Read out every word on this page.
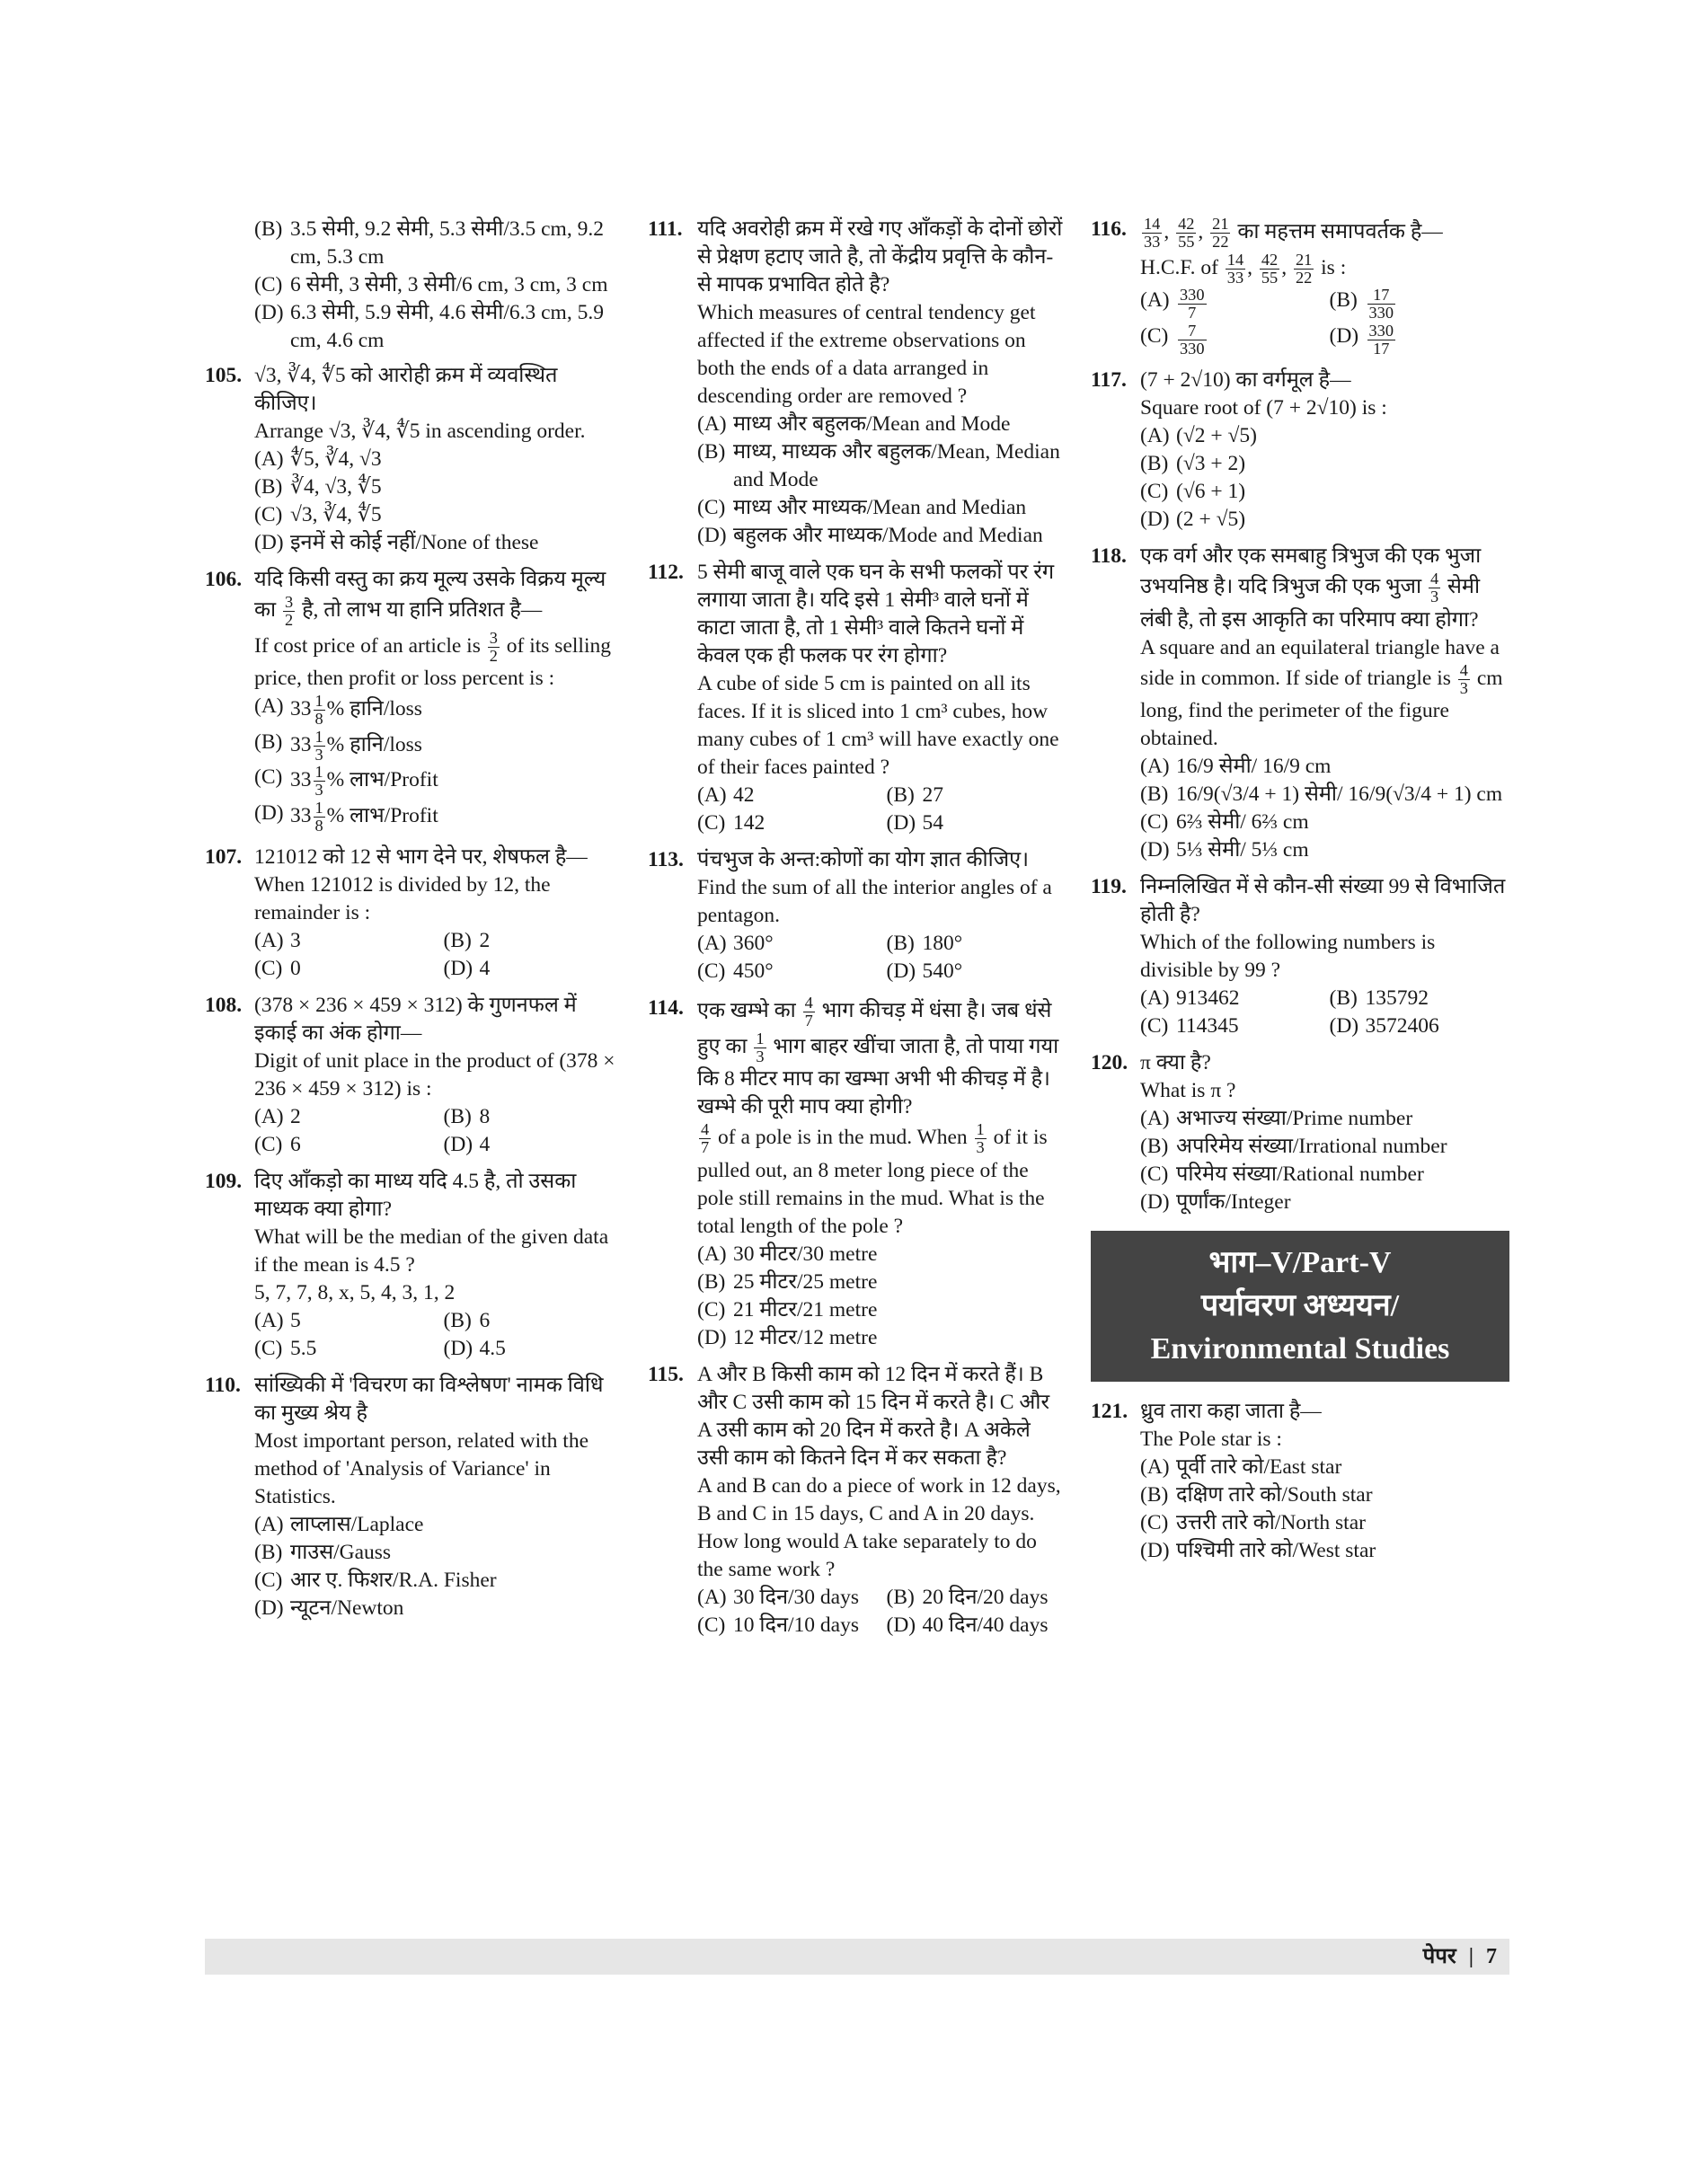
(B) 3.5 सेमी, 9.2 सेमी, 5.3 सेमी/3.5 cm, 9.2 cm, 5.3 cm
(C) 6 सेमी, 3 सेमी, 3 सेमी/6 cm, 3 cm, 3 cm
(D) 6.3 सेमी, 5.9 सेमी, 4.6 सेमी/6.3 cm, 5.9 cm, 4.6 cm
105. √3, ∛4, ∜5 को आरोही क्रम में व्यवस्थित कीजिए।
Arrange √3, ∛4, ∜5 in ascending order.
(A) ∜5, ∛4, √3
(B) ∛4, √3, ∜5
(C) √3, ∛4, ∜5
(D) इनमें से कोई नहीं/None of these
106. यदि किसी वस्तु का क्रय मूल्य उसके विक्रय मूल्य का $\frac{3}{2}$ है, तो लाभ या हानि प्रतिशत है—
If cost price of an article is $\frac{3}{2}$ of its selling price, then profit or loss percent is :
(A) $33 \frac{1}{8}$ % हानि/loss
(B) $33 \frac{1}{3}$ % हानि/loss
(C) $33 \frac{1}{3}$ % लाभ/Profit
(D) $33 \frac{1}{8}$ % लाभ/Profit
107. 121012 को 12 से भाग देने पर, शेषफल है—
When 121012 is divided by 12, the remainder is :
(A) 3	(B) 2
(C) 0	(D) 4
108. (378 × 236 × 459 × 312) के गुणनफल में इकाई का अंक होगा—
Digit of unit place in the product of (378 × 236 × 459 × 312) is :
(A) 2	(B) 8
(C) 6	(D) 4
109. दिए आँकड़ो का माध्य यदि 4.5 है, तो उसका माध्यक क्या होगा?
What will be the median of the given data if the mean is 4.5 ?
5, 7, 7, 8, x, 5, 4, 3, 1, 2
(A) 5	(B) 6
(C) 5.5	(D) 4.5
110. सांख्यिकी में 'विचरण का विश्लेषण' नामक विधि का मुख्य श्रेय है
Most important person, related with the method of 'Analysis of Variance' in Statistics.
(A) लाप्लास/Laplace
(B) गाउस/Gauss
(C) आर ए. फिशर/R.A. Fisher
(D) न्यूटन/Newton
111. यदि अवरोही क्रम में रखे गए आँकड़ों के दोनों छोरों से प्रेक्षण हटाए जाते है, तो केंद्रीय प्रवृत्ति के कौन-से मापक प्रभावित होते है?
Which measures of central tendency get affected if the extreme observations on both the ends of a data arranged in descending order are removed ?
(A) माध्य और बहुलक/Mean and Mode
(B) माध्य, माध्यक और बहुलक/Mean, Median and Mode
(C) माध्य और माध्यक/Mean and Median
(D) बहुलक और माध्यक/Mode and Median
112. 5 सेमी बाजू वाले एक घन के सभी फलकों पर रंग लगाया जाता है। यदि इसे 1 सेमी³ वाले घनों में काटा जाता है, तो 1 सेमी³ वाले कितने घनों में केवल एक ही फलक पर रंग होगा?
A cube of side 5 cm is painted on all its faces. If it is sliced into 1 cm³ cubes, how many cubes of 1 cm³ will have exactly one of their faces painted ?
(A) 42	(B) 27
(C) 142	(D) 54
113. पंचभुज के अन्त:कोणों का योग ज्ञात कीजिए।
Find the sum of all the interior angles of a pentagon.
(A) 360°	(B) 180°
(C) 450°	(D) 540°
114. एक खम्भे का $\frac{4}{7}$ भाग कीचड़ में धंसा है। जब धंसे हुए का $\frac{1}{3}$ भाग बाहर खींचा जाता है, तो पाया गया कि 8 मीटर माप का खम्भा अभी भी कीचड़ में है। खम्भे की पूरी माप क्या होगी?
$\frac{4}{7}$ of a pole is in the mud. When $\frac{1}{3}$ of it is pulled out, an 8 meter long piece of the pole still remains in the mud. What is the total length of the pole ?
(A) 30 मीटर/30 metre
(B) 25 मीटर/25 metre
(C) 21 मीटर/21 metre
(D) 12 मीटर/12 metre
115. A और B किसी काम को 12 दिन में करते हैं। B और C उसी काम को 15 दिन में करते है। C और A उसी काम को 20 दिन में करते है। A अकेले उसी काम को कितने दिन में कर सकता है?
A and B can do a piece of work in 12 days, B and C in 15 days, C and A in 20 days. How long would A take separately to do the same work ?
(A) 30 दिन/30 days	(B) 20 दिन/20 days
(C) 10 दिन/10 days	(D) 40 दिन/40 days
116. $\frac{14}{33}$ , $\frac{42}{55}$ , $\frac{21}{22}$ का महत्तम समापवर्तक है—
H.C.F. of $\frac{14}{33}$ , $\frac{42}{55}$ , $\frac{21}{22}$ is :
$(A) \frac{330}{7}$	$(B) \frac{17}{330}$
$(C) \frac{7}{330}$	$(D) \frac{330}{17}$
117. (7 + 2√10) का वर्गमूल है—
Square root of (7 + 2√10) is :
(A) (√2 + √5)
(B) (√3 + 2)
(C) (√6 + 1)
(D) (2 + √5)
118. एक वर्ग और एक समबाहु त्रिभुज की एक भुजा उभयनिष्ठ है। यदि त्रिभुज की एक भुजा $\frac{4}{3}$ सेमी लंबी है, तो इस आकृति का परिमाप क्या होगा?
A square and an equilateral triangle have a side in common. If side of triangle is $\frac{4}{3}$ cm long, find the perimeter of the figure obtained.
(A) 16/9 सेमी/ 16/9 cm
(B) 16/9(√3/4 + 1) सेमी/ 16/9(√3/4 + 1) cm
(C) 6⅔ सेमी/ 6⅔ cm
(D) 5⅓ सेमी/ 5⅓ cm
119. निम्नलिखित में से कौन-सी संख्या 99 से विभाजित होती है?
Which of the following numbers is divisible by 99 ?
(A) 913462	(B) 135792
(C) 114345	(D) 3572406
120. π क्या है?
What is π ?
(A) अभाज्य संख्या/Prime number
(B) अपरिमेय संख्या/Irrational number
(C) परिमेय संख्या/Rational number
(D) पूर्णांक/Integer
भाग–V/Part-V
पर्यावरण अध्ययन/
Environmental Studies
121. ध्रुव तारा कहा जाता है—
The Pole star is :
(A) पूर्वी तारे को/East star
(B) दक्षिण तारे को/South star
(C) उत्तरी तारे को/North star
(D) पश्चिमी तारे को/West star
पेपर | 7
